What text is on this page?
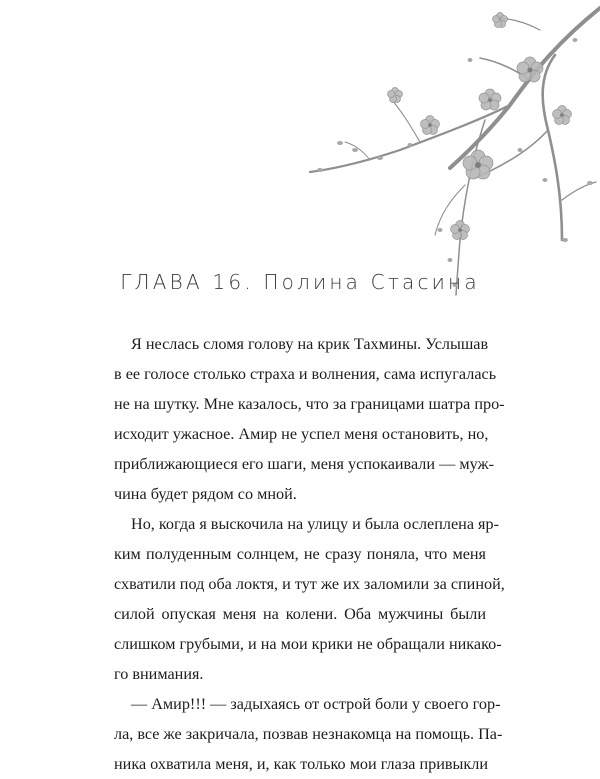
ГЛАВА 16. Полина Стасина
Я неслась сломя голову на крик Тахмины. Услышав
в ее голосе столько страха и волнения, сама испугалась
не на шутку. Мне казалось, что за границами шатра про-
исходит ужасное. Амир не успел меня остановить, но,
приближающиеся его шаги, меня успокаивали — муж-
чина будет рядом со мной.
Но, когда я выскочила на улицу и была ослеплена яр-
ким полуденным солнцем, не сразу поняла, что меня
схватили под оба локтя, и тут же их заломили за спиной,
силой опуская меня на колени. Оба мужчины были
слишком грубыми, и на мои крики не обращали никако-
го внимания.
— Амир!!! — задыхаясь от острой боли у своего гор-
ла, все же закричала, позвав незнакомца на помощь. Па-
ника охватила меня, и, как только мои глаза привыкли
